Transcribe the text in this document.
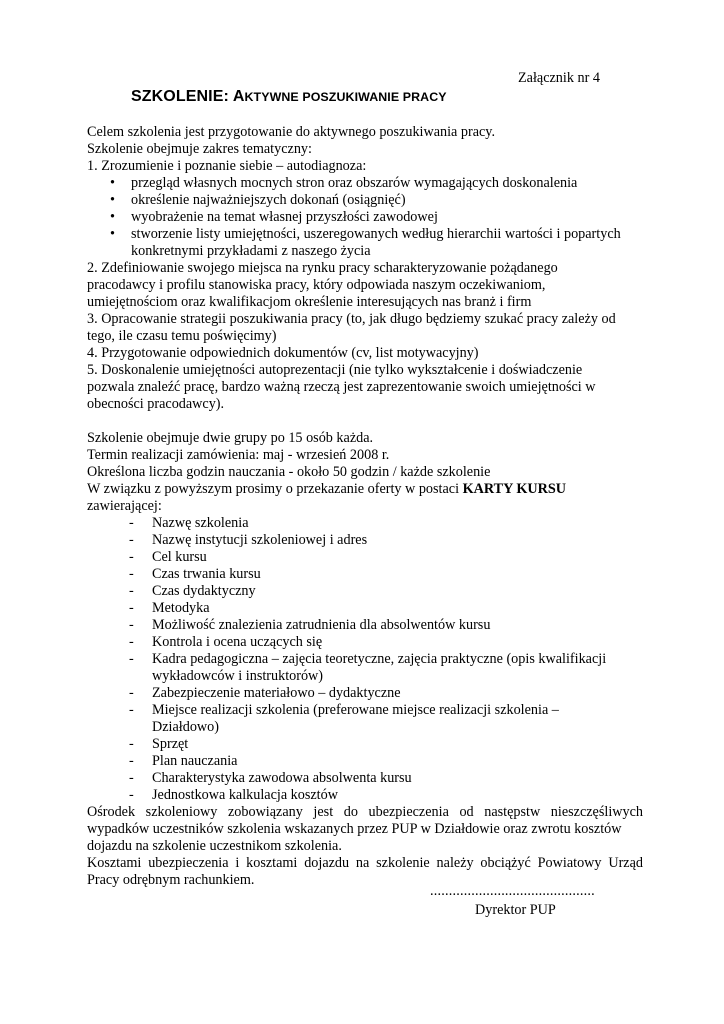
Załącznik nr 4
SZKOLENIE: AKTYWNE POSZUKIWANIE PRACY
Celem szkolenia jest przygotowanie do aktywnego poszukiwania pracy.
Szkolenie obejmuje zakres tematyczny:
1. Zrozumienie i poznanie siebie – autodiagnoza:
• przegląd własnych mocnych stron oraz obszarów wymagających doskonalenia
• określenie najważniejszych dokonań (osiągnięć)
• wyobrażenie na temat własnej przyszłości zawodowej
• stworzenie listy umiejętności, uszeregowanych według hierarchii wartości i popartych
konkretnymi przykładami z naszego życia
2. Zdefiniowanie swojego miejsca na rynku pracy scharakteryzowanie pożądanego
pracodawcy i profilu stanowiska pracy, który odpowiada naszym oczekiwaniom,
umiejętnościom oraz kwalifikacjom określenie interesujących nas branż i firm
3. Opracowanie strategii poszukiwania pracy (to, jak długo będziemy szukać pracy zależy od
tego, ile czasu temu poświęcimy)
4. Przygotowanie odpowiednich dokumentów (cv, list motywacyjny)
5. Doskonalenie umiejętności autoprezentacji (nie tylko wykształcenie i doświadczenie
pozwala znaleźć pracę, bardzo ważną rzeczą jest zaprezentowanie swoich umiejętności w
obecności pracodawcy).
Szkolenie obejmuje dwie grupy po 15 osób każda.
Termin realizacji zamówienia: maj - wrzesień 2008 r.
Określona liczba godzin nauczania - około 50 godzin / każde szkolenie
W związku z powyższym prosimy o przekazanie oferty w postaci KARTY KURSU
zawierającej:
- Nazwę szkolenia
- Nazwę instytucji szkoleniowej i adres
- Cel kursu
- Czas trwania kursu
- Czas dydaktyczny
- Metodyka
- Możliwość znalezienia zatrudnienia dla absolwentów kursu
- Kontrola i ocena uczących się
- Kadra pedagogiczna – zajęcia teoretyczne, zajęcia praktyczne (opis kwalifikacji
wykładowców i instruktorów)
- Zabezpieczenie materiałowo – dydaktyczne
- Miejsce realizacji szkolenia (preferowane miejsce realizacji szkolenia –
Działdowo)
- Sprzęt
- Plan nauczania
- Charakterystyka zawodowa absolwenta kursu
- Jednostkowa kalkulacja kosztów
Ośrodek szkoleniowy zobowiązany jest do ubezpieczenia od następstw nieszczęśliwych
wypadków uczestników szkolenia wskazanych przez PUP w Działdowie oraz zwrotu kosztów
dojazdu na szkolenie uczestnikom szkolenia.
Kosztami ubezpieczenia i kosztami dojazdu na szkolenie należy obciążyć Powiatowy Urząd
Pracy odrębnym rachunkiem.
............................................
Dyrektor PUP
